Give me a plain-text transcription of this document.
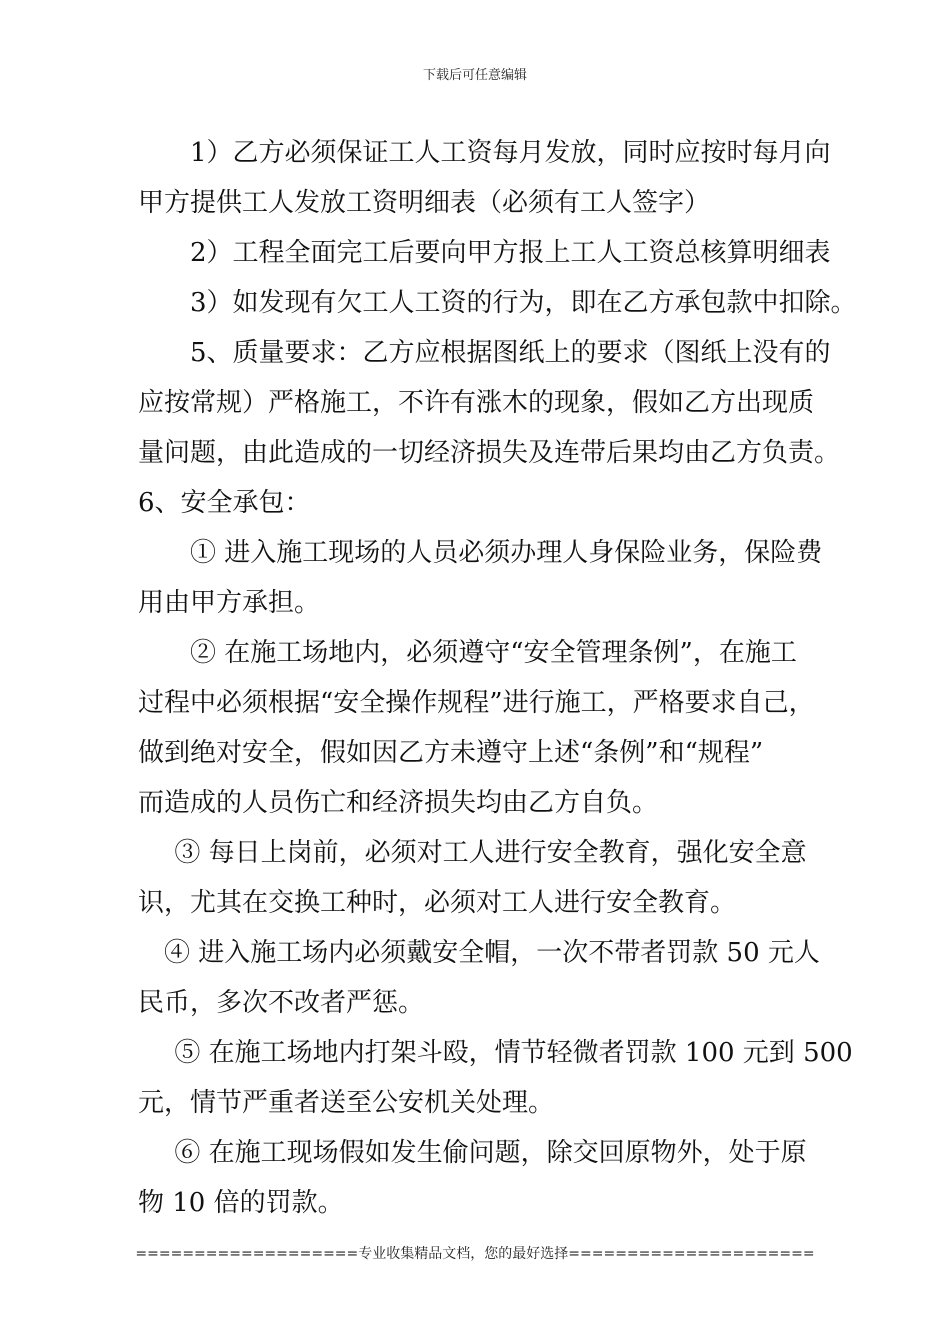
下载后可任意编辑
1）乙方必须保证工人工资每月发放，同时应按时每月向
甲方提供工人发放工资明细表（必须有工人签字）
2）工程全面完工后要向甲方报上工人工资总核算明细表
3）如发现有欠工人工资的行为，即在乙方承包款中扣除。
5、质量要求：乙方应根据图纸上的要求（图纸上没有的
应按常规）严格施工，不许有涨木的现象，假如乙方出现质
量问题，由此造成的一切经济损失及连带后果均由乙方负责。
6、安全承包：
① 进入施工现场的人员必须办理人身保险业务，保险费
用由甲方承担。
② 在施工场地内，必须遵守“安全管理条例”，在施工
过程中必须根据“安全操作规程”进行施工，严格要求自己，
做到绝对安全，假如因乙方未遵守上述“条例”和“规程”
而造成的人员伤亡和经济损失均由乙方自负。
③ 每日上岗前，必须对工人进行安全教育，强化安全意
识，尤其在交换工种时，必须对工人进行安全教育。
④ 进入施工场内必须戴安全帽，一次不带者罚款 50 元人
民币，多次不改者严惩。
⑤ 在施工场地内打架斗殴，情节轻微者罚款 100 元到 500
元，情节严重者送至公安机关处理。
⑥ 在施工现场假如发生偷问题，除交回原物外，处于原
物 10 倍的罚款。
===================专业收集精品文档，您的最好选择=====================
